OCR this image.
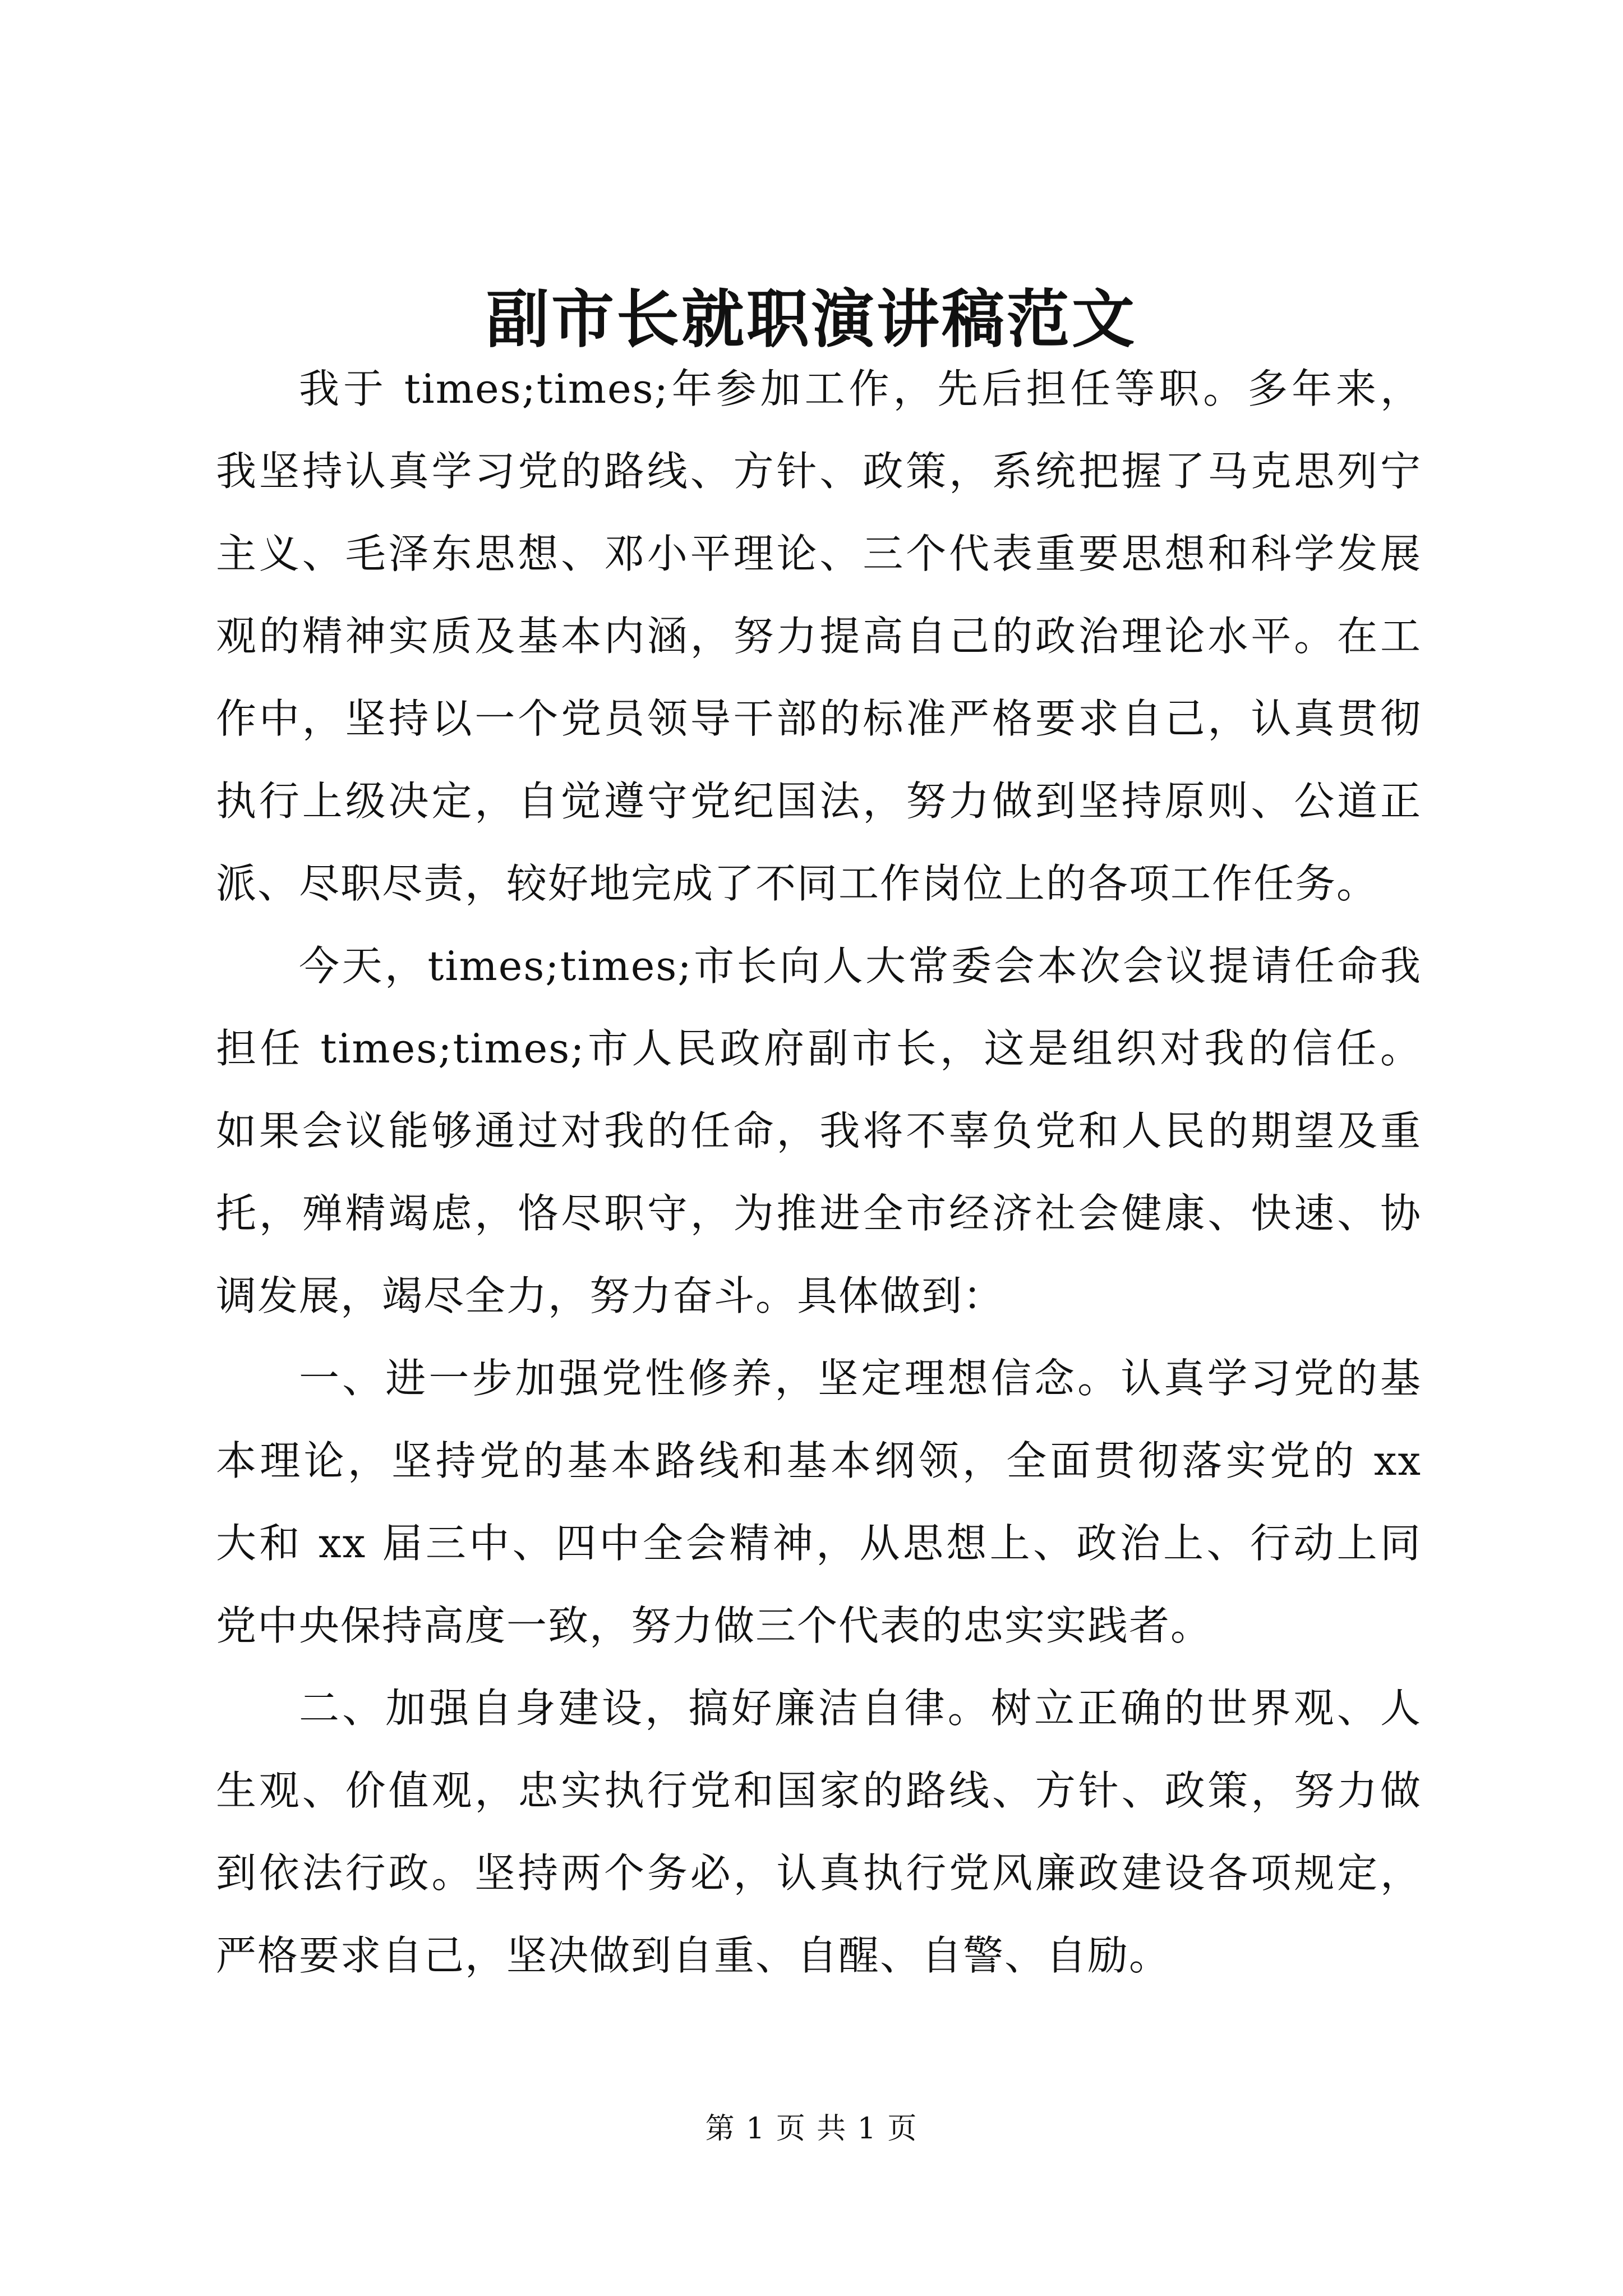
副市长就职演讲稿范文
我于 times;times;年参加工作，先后担任等职。多年来，
我坚持认真学习党的路线、方针、政策，系统把握了马克思列宁
主义、毛泽东思想、邓小平理论、三个代表重要思想和科学发展
观的精神实质及基本内涵，努力提高自己的政治理论水平。在工
作中，坚持以一个党员领导干部的标准严格要求自己，认真贯彻
执行上级决定，自觉遵守党纪国法，努力做到坚持原则、公道正
派、尽职尽责，较好地完成了不同工作岗位上的各项工作任务。
今天，times;times;市长向人大常委会本次会议提请任命我
担任 times;times;市人民政府副市长，这是组织对我的信任。
如果会议能够通过对我的任命，我将不辜负党和人民的期望及重
托，殚精竭虑，恪尽职守，为推进全市经济社会健康、快速、协
调发展，竭尽全力，努力奋斗。具体做到：
一、进一步加强党性修养，坚定理想信念。认真学习党的基
本理论，坚持党的基本路线和基本纲领，全面贯彻落实党的 xx
大和 xx 届三中、四中全会精神，从思想上、政治上、行动上同
党中央保持高度一致，努力做三个代表的忠实实践者。
二、加强自身建设，搞好廉洁自律。树立正确的世界观、人
生观、价值观，忠实执行党和国家的路线、方针、政策，努力做
到依法行政。坚持两个务必，认真执行党风廉政建设各项规定，
严格要求自己，坚决做到自重、自醒、自警、自励。
第 1 页 共 1 页
